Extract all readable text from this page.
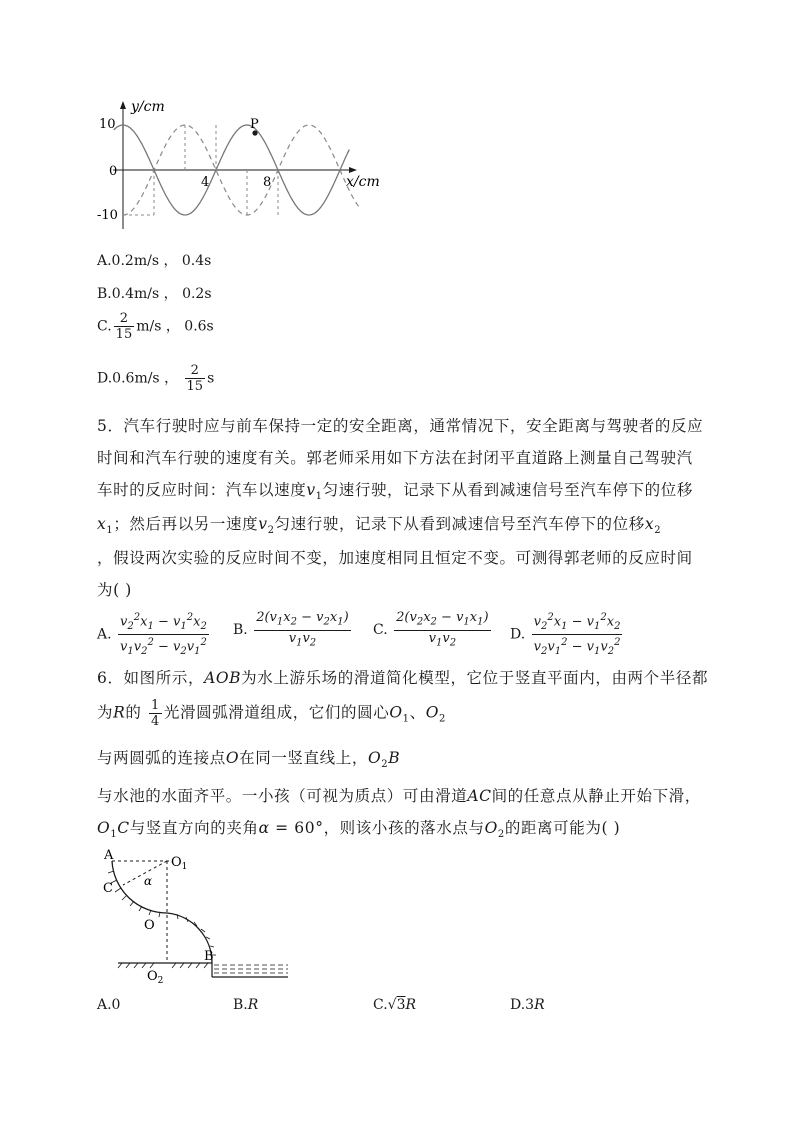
y/cm
x/cm
10
0
-10
4	8
P
A.0.2m/s ， 0.4s
B.0.4m/s ， 0.2s
C. $\frac{2}{15} m/s$ ， 0.6s
D.0.6m/s ， $\frac{2}{15}$ s
5．汽车行驶时应与前车保持一定的安全距离，通常情况下，安全距离与驾驶者的反应
时间和汽车行驶的速度有关。郭老师采用如下方法在封闭平直道路上测量自己驾驶汽
车时的反应时间：汽车以速度$v_1$匀速行驶，记录下从看到减速信号至汽车停下的位移
$x_1$；然后再以另一速度$v_2$匀速行驶，记录下从看到减速信号至汽车停下的位移$x_2$
，假设两次实验的反应时间不变，加速度相同且恒定不变。可测得郭老师的反应时间
为( )
A. $\frac{v_2^2x_1 - v_1^2x_2}{v_1v_2^2 - v_2v_1^2} B$. $\frac{2(v_1x_2 - v_2x_1)}{v_1v_2} C$. $\frac{2(v_2x_2 - v_1x_1)}{v_1v_2} D$. $\frac{v_2^2x_1 - v_1^2x_2}{v_2v_1^2 - v_1v_2^2}$
6．如图所示，AOB为水上游乐场的滑道简化模型，它位于竖直平面内，由两个半径都
为R的 $\frac{1}{4}$ 光滑圆弧滑道组成，它们的圆心$O_1$、$O_2$
与两圆弧的连接点O在同一竖直线上，$O_2B$
与水池的水面齐平。一小孩（可视为质点）可由滑道AC间的任意点从静止开始下滑，
$O_1C$与竖直方向的夹角α = 60°，则该小孩的落水点与$O_2$的距离可能为( )
A	$O_1$
α
C
O
B
$O_2$
A.0	B.R	C.√3R	D.3R
